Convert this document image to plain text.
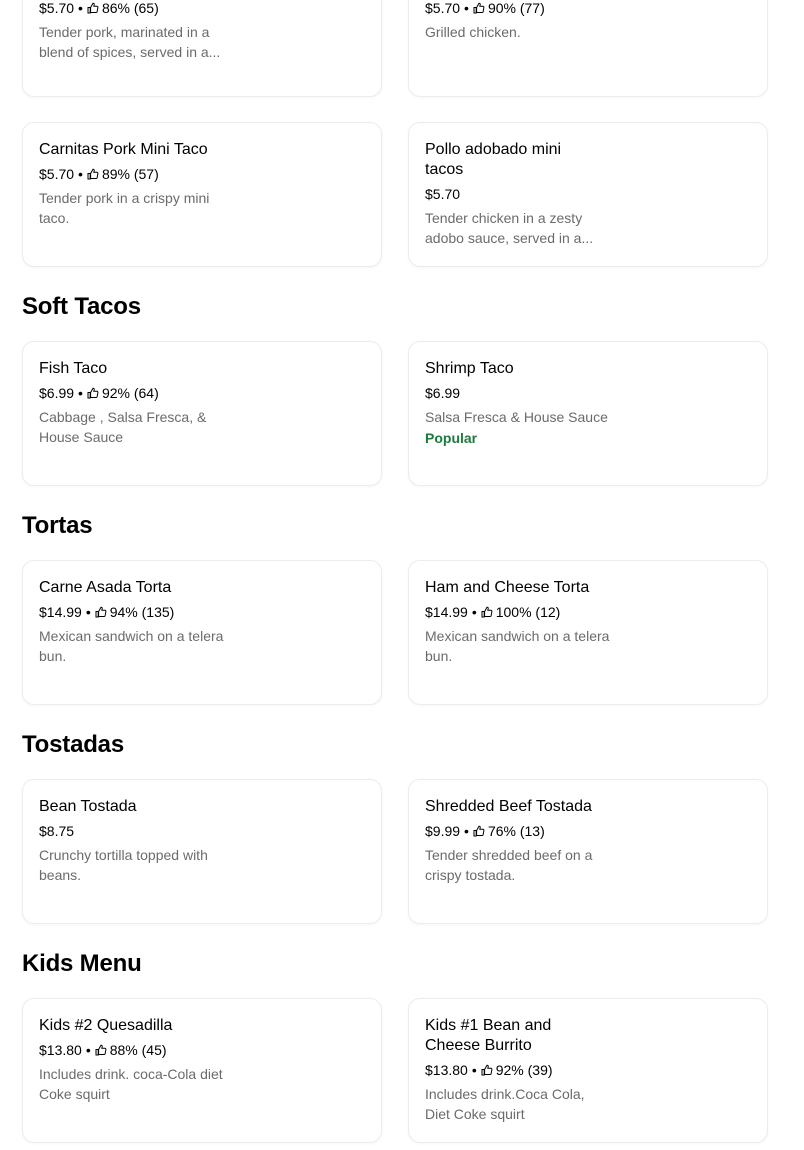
$5.70 • 86% (65)
Tender pork, marinated in a blend of spices, served in a...
$5.70 • 90% (77)
Grilled chicken.
Carnitas Pork Mini Taco
$5.70 • 89% (57)
Tender pork in a crispy mini taco.
Pollo adobado mini tacos
$5.70
Tender chicken in a zesty adobo sauce, served in a...
Soft Tacos
Fish Taco
$6.99 • 92% (64)
Cabbage , Salsa Fresca, & House Sauce
Shrimp Taco
$6.99
Salsa Fresca & House Sauce
Popular
Tortas
Carne Asada Torta
$14.99 • 94% (135)
Mexican sandwich on a telera bun.
Ham and Cheese Torta
$14.99 • 100% (12)
Mexican sandwich on a telera bun.
Tostadas
Bean Tostada
$8.75
Crunchy tortilla topped with beans.
Shredded Beef Tostada
$9.99 • 76% (13)
Tender shredded beef on a crispy tostada.
Kids Menu
Kids #2 Quesadilla
$13.80 • 88% (45)
Includes drink. coca-Cola diet Coke squirt
Kids #1 Bean and Cheese Burrito
$13.80 • 92% (39)
Includes drink.Coca Cola, Diet Coke squirt
